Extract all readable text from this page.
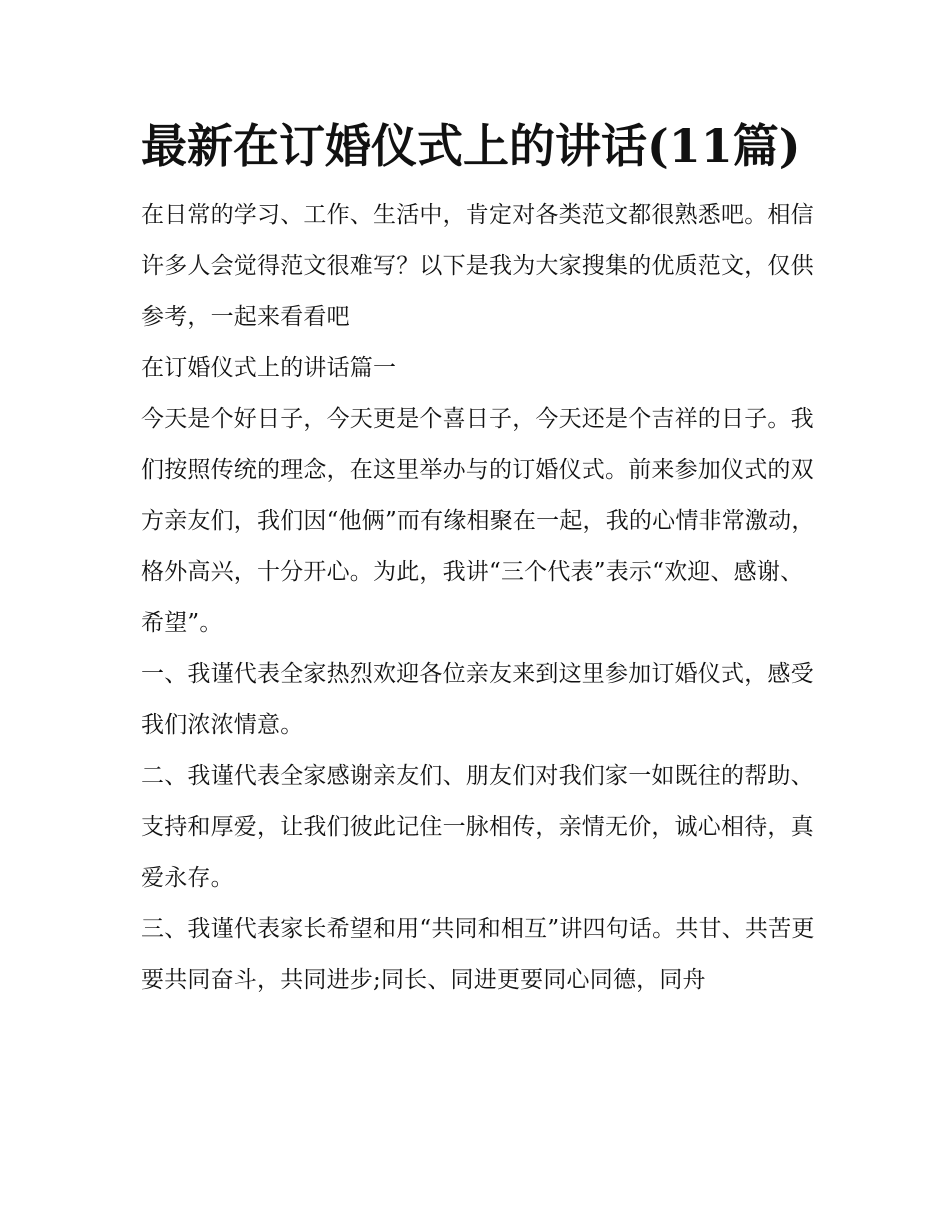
最新在订婚仪式上的讲话(11篇)

在日常的学习、工作、生活中，肯定对各类范文都很熟悉吧。相信许多人会觉得范文很难写？以下是我为大家搜集的优质范文，仅供参考，一起来看看吧

在订婚仪式上的讲话篇一

今天是个好日子，今天更是个喜日子，今天还是个吉祥的日子。我们按照传统的理念，在这里举办与的订婚仪式。前来参加仪式的双方亲友们，我们因“他俩”而有缘相聚在一起，我的心情非常激动，格外高兴，十分开心。为此，我讲“三个代表”表示“欢迎、感谢、希望”。

一、我谨代表全家热烈欢迎各位亲友来到这里参加订婚仪式，感受我们浓浓情意。

二、我谨代表全家感谢亲友们、朋友们对我们家一如既往的帮助、支持和厚爱，让我们彼此记住一脉相传，亲情无价，诚心相待，真爱永存。

三、我谨代表家长希望和用“共同和相互”讲四句话。共甘、共苦更要共同奋斗，共同进步;同长、同进更要同心同德，同舟
